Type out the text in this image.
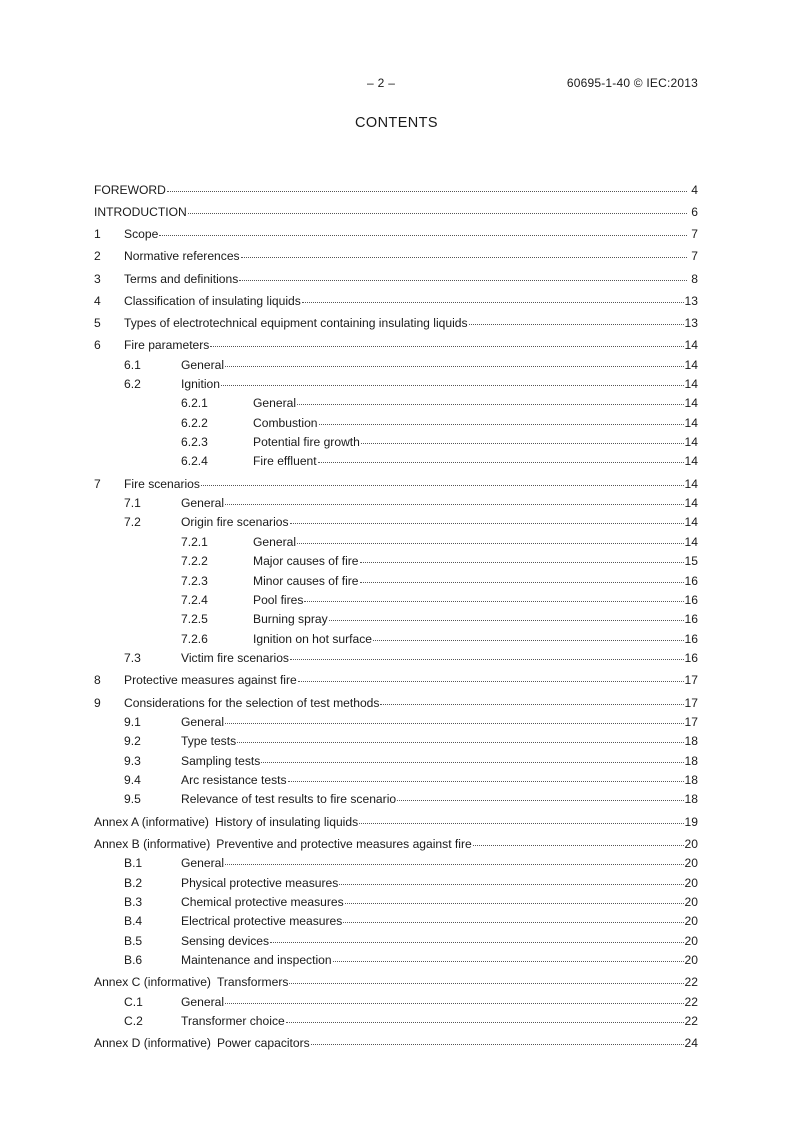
– 2 –	60695-1-40 © IEC:2013
CONTENTS
FOREWORD	4
INTRODUCTION	6
1	Scope	7
2	Normative references	7
3	Terms and definitions	8
4	Classification of insulating liquids	13
5	Types of electrotechnical equipment containing insulating liquids	13
6	Fire parameters	14
6.1	General	14
6.2	Ignition	14
6.2.1	General	14
6.2.2	Combustion	14
6.2.3	Potential fire growth	14
6.2.4	Fire effluent	14
7	Fire scenarios	14
7.1	General	14
7.2	Origin fire scenarios	14
7.2.1	General	14
7.2.2	Major causes of fire	15
7.2.3	Minor causes of fire	16
7.2.4	Pool fires	16
7.2.5	Burning spray	16
7.2.6	Ignition on hot surface	16
7.3	Victim fire scenarios	16
8	Protective measures against fire	17
9	Considerations for the selection of test methods	17
9.1	General	17
9.2	Type tests	18
9.3	Sampling tests	18
9.4	Arc resistance tests	18
9.5	Relevance of test results to fire scenario	18
Annex A (informative) History of insulating liquids	19
Annex B (informative) Preventive and protective measures against fire	20
B.1	General	20
B.2	Physical protective measures	20
B.3	Chemical protective measures	20
B.4	Electrical protective measures	20
B.5	Sensing devices	20
B.6	Maintenance and inspection	20
Annex C (informative) Transformers	22
C.1	General	22
C.2	Transformer choice	22
Annex D (informative) Power capacitors	24
